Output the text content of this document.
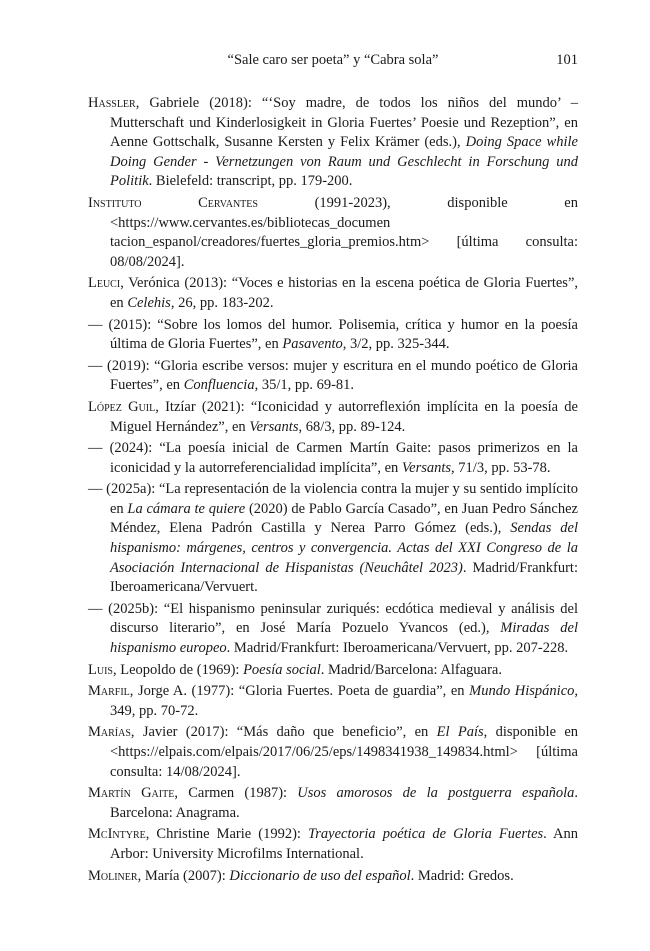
“Sale caro ser poeta” y “Cabra sola”	101

Hassler, Gabriele (2018): “‘Soy madre, de todos los niños del mundo’ – Mutterschaft und Kinderlosigkeit in Gloria Fuertes’ Poesie und Rezeption”, en Aenne Gottschalk, Susanne Kersten y Felix Krämer (eds.), Doing Space while Doing Gender - Vernetzungen von Raum und Geschlecht in Forschung und Politik. Bielefeld: transcript, pp. 179-200.

Instituto Cervantes (1991-2023), disponible en <https://www.cervantes.es/bibliotecas_documen tacion_espanol/creadores/fuertes_gloria_premios.htm> [última consulta: 08/08/2024].

Leuci, Verónica (2013): “Voces e historias en la escena poética de Gloria Fuertes”, en Celehis, 26, pp. 183-202.

— (2015): “Sobre los lomos del humor. Polisemia, crítica y humor en la poesía última de Gloria Fuertes”, en Pasavento, 3/2, pp. 325-344.

— (2019): “Gloria escribe versos: mujer y escritura en el mundo poético de Gloria Fuertes”, en Confluencia, 35/1, pp. 69-81.

López Guil, Itzíar (2021): “Iconicidad y autorreflexión implícita en la poesía de Miguel Hernández”, en Versants, 68/3, pp. 89-124.

— (2024): “La poesía inicial de Carmen Martín Gaite: pasos primerizos en la iconicidad y la autorreferencialidad implícita”, en Versants, 71/3, pp. 53-78.

— (2025a): “La representación de la violencia contra la mujer y su sentido implícito en La cámara te quiere (2020) de Pablo García Casado”, en Juan Pedro Sánchez Méndez, Elena Padrón Castilla y Nerea Parro Gómez (eds.), Sendas del hispanismo: márgenes, centros y convergencia. Actas del XXI Congreso de la Asociación Internacional de Hispanistas (Neuchâtel 2023). Madrid/Frankfurt: Iberoamericana/Vervuert.

— (2025b): “El hispanismo peninsular zuriqués: ecdótica medieval y análisis del discurso literario”, en José María Pozuelo Yvancos (ed.), Miradas del hispanismo europeo. Madrid/Frankfurt: Iberoamericana/Vervuert, pp. 207-228.

Luis, Leopoldo de (1969): Poesía social. Madrid/Barcelona: Alfaguara.

Marfil, Jorge A. (1977): “Gloria Fuertes. Poeta de guardia”, en Mundo Hispánico, 349, pp. 70-72.

Marías, Javier (2017): “Más daño que beneficio”, en El País, disponible en <https://elpais.com/elpais/2017/06/25/eps/1498341938_149834.html> [última consulta: 14/08/2024].

Martín Gaite, Carmen (1987): Usos amorosos de la postguerra española. Barcelona: Anagrama.

McIntyre, Christine Marie (1992): Trayectoria poética de Gloria Fuertes. Ann Arbor: University Microfilms International.

Moliner, María (2007): Diccionario de uso del español. Madrid: Gredos.
